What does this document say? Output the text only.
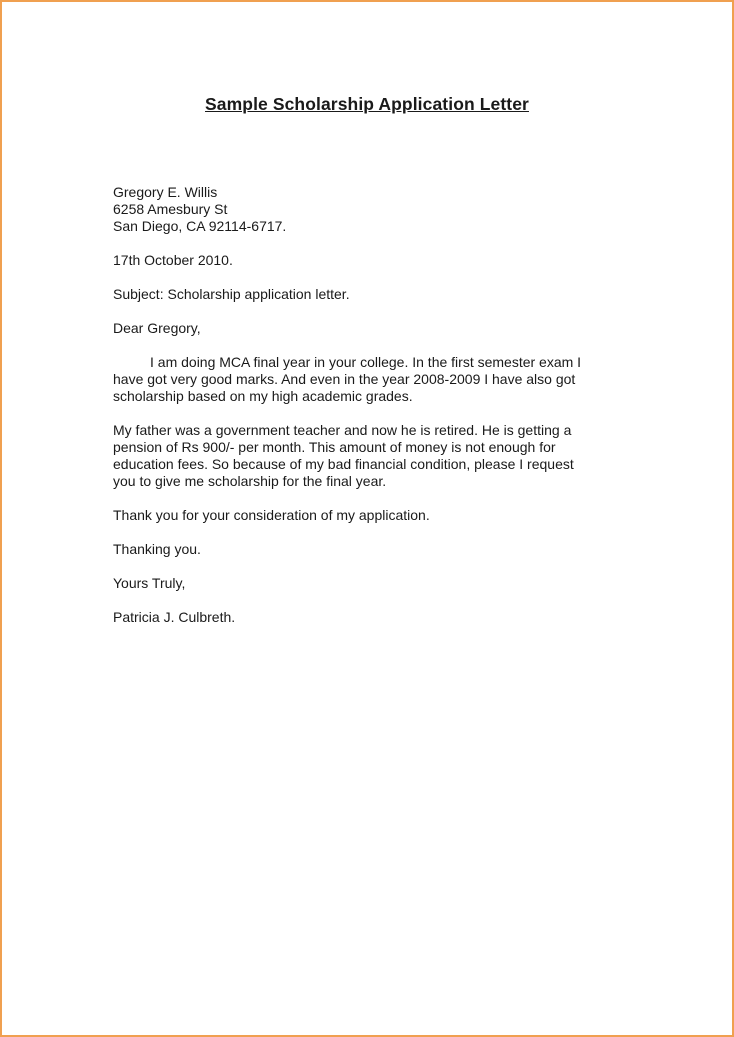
Sample Scholarship Application Letter

Gregory E. Willis

6258 Amesbury St

San Diego, CA 92114-6717.

17th October 2010.

Subject: Scholarship application letter.

Dear Gregory,

I am doing MCA final year in your college. In the first semester exam I

have got very good marks. And even in the year 2008-2009 I have also got

scholarship based on my high academic grades.

My father was a government teacher and now he is retired. He is getting a

pension of Rs 900/- per month. This amount of money is not enough for

education fees. So because of my bad financial condition, please I request

you to give me scholarship for the final year.

Thank you for your consideration of my application.

Thanking you.

Yours Truly,

Patricia J. Culbreth.
